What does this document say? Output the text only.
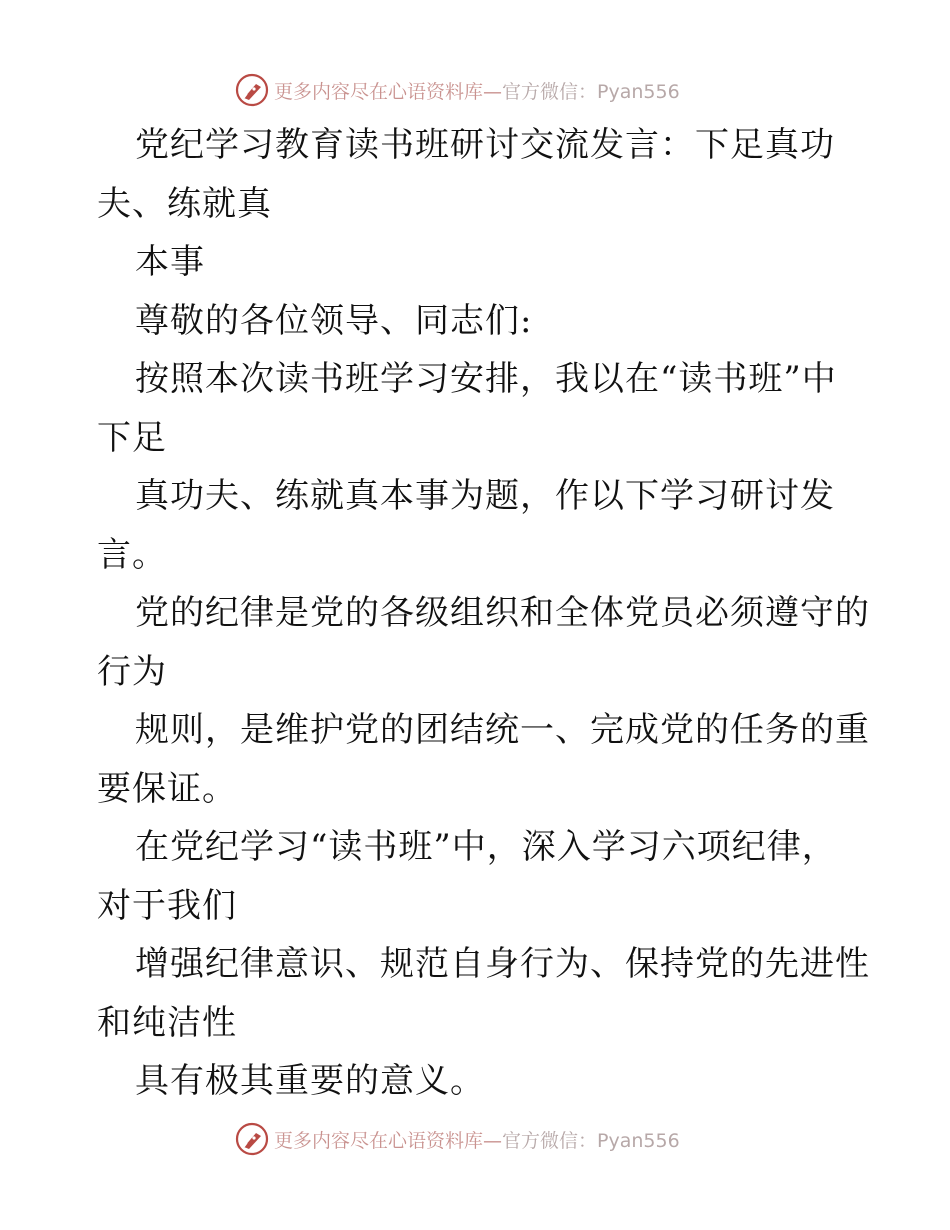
更多内容尽在心语资料库—官方微信：Pyan556
党纪学习教育读书班研讨交流发言：下足真功
夫、练就真
本事
尊敬的各位领导、同志们:
按照本次读书班学习安排，我以在“读书班”中
下足
真功夫、练就真本事为题，作以下学习研讨发
言。
党的纪律是党的各级组织和全体党员必须遵守的
行为
规则，是维护党的团结统一、完成党的任务的重
要保证。
在党纪学习“读书班”中，深入学习六项纪律，
对于我们
增强纪律意识、规范自身行为、保持党的先进性
和纯洁性
具有极其重要的意义。
更多内容尽在心语资料库—官方微信：Pyan556
